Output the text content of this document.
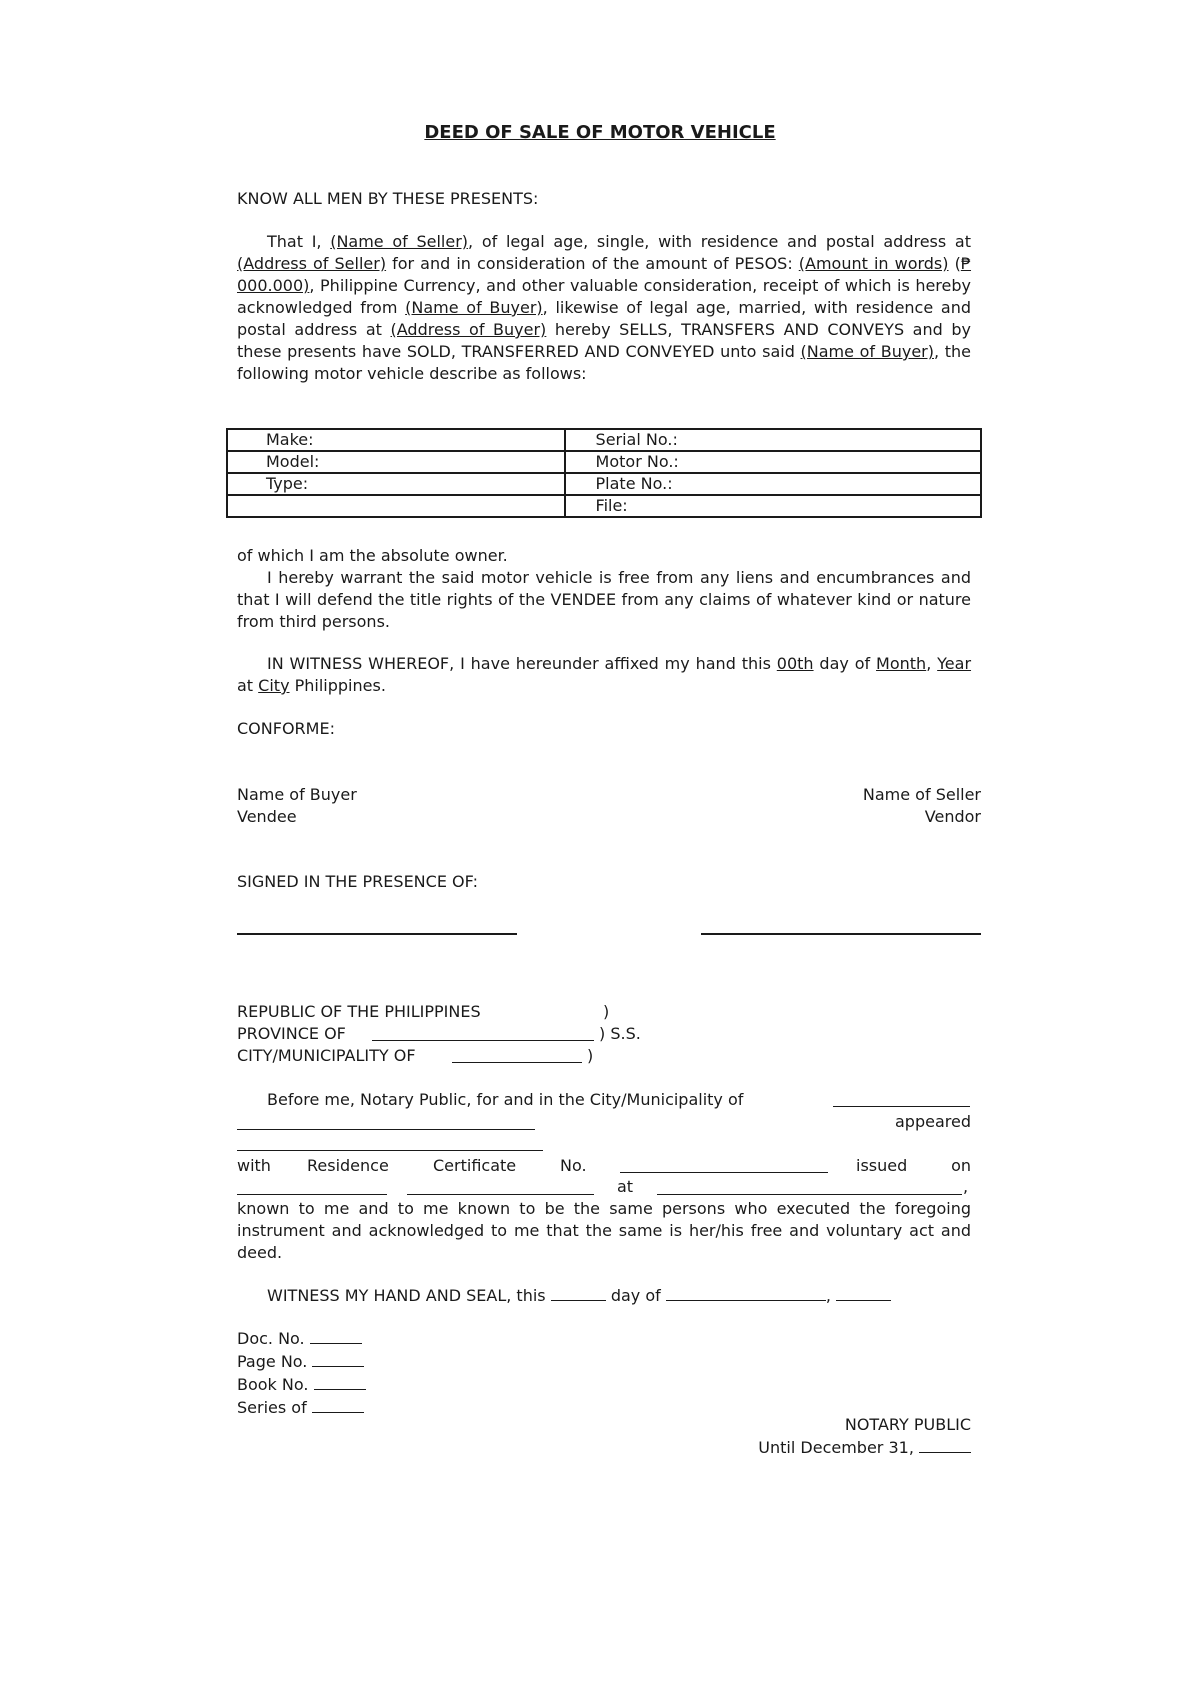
DEED OF SALE OF MOTOR VEHICLE
KNOW ALL MEN BY THESE PRESENTS:
That I, (Name of Seller), of legal age, single, with residence and postal address at (Address of Seller) for and in consideration of the amount of PESOS: (Amount in words) (₱ 000.000), Philippine Currency, and other valuable consideration, receipt of which is hereby acknowledged from (Name of Buyer), likewise of legal age, married, with residence and postal address at (Address of Buyer) hereby SELLS, TRANSFERS AND CONVEYS and by these presents have SOLD, TRANSFERRED AND CONVEYED unto said (Name of Buyer), the following motor vehicle describe as follows:
Make:	Serial No.:
Model:	Motor No.:
Type:	Plate No.:
	File:
of which I am the absolute owner.
I hereby warrant the said motor vehicle is free from any liens and encumbrances and that I will defend the title rights of the VENDEE from any claims of whatever kind or nature from third persons.
IN WITNESS WHEREOF, I have hereunder affixed my hand this 00th day of Month, Year at City Philippines.
CONFORME:
Name of Buyer
Vendee
Name of Seller
Vendor
SIGNED IN THE PRESENCE OF:
REPUBLIC OF THE PHILIPPINES	)
PROVINCE OF	) S.S.
CITY/MUNICIPALITY OF	)
Before me, Notary Public, for and in the City/Municipality of
appeared
with Residence	Certificate	No.	issued	on
at	,
known to me and to me known to be the same persons who executed the foregoing instrument and acknowledged to me that the same is her/his free and voluntary act and deed.
WITNESS MY HAND AND SEAL, this	day of	,
Doc. No.
Page No.
Book No.
Series of
NOTARY PUBLIC
Until December 31,
